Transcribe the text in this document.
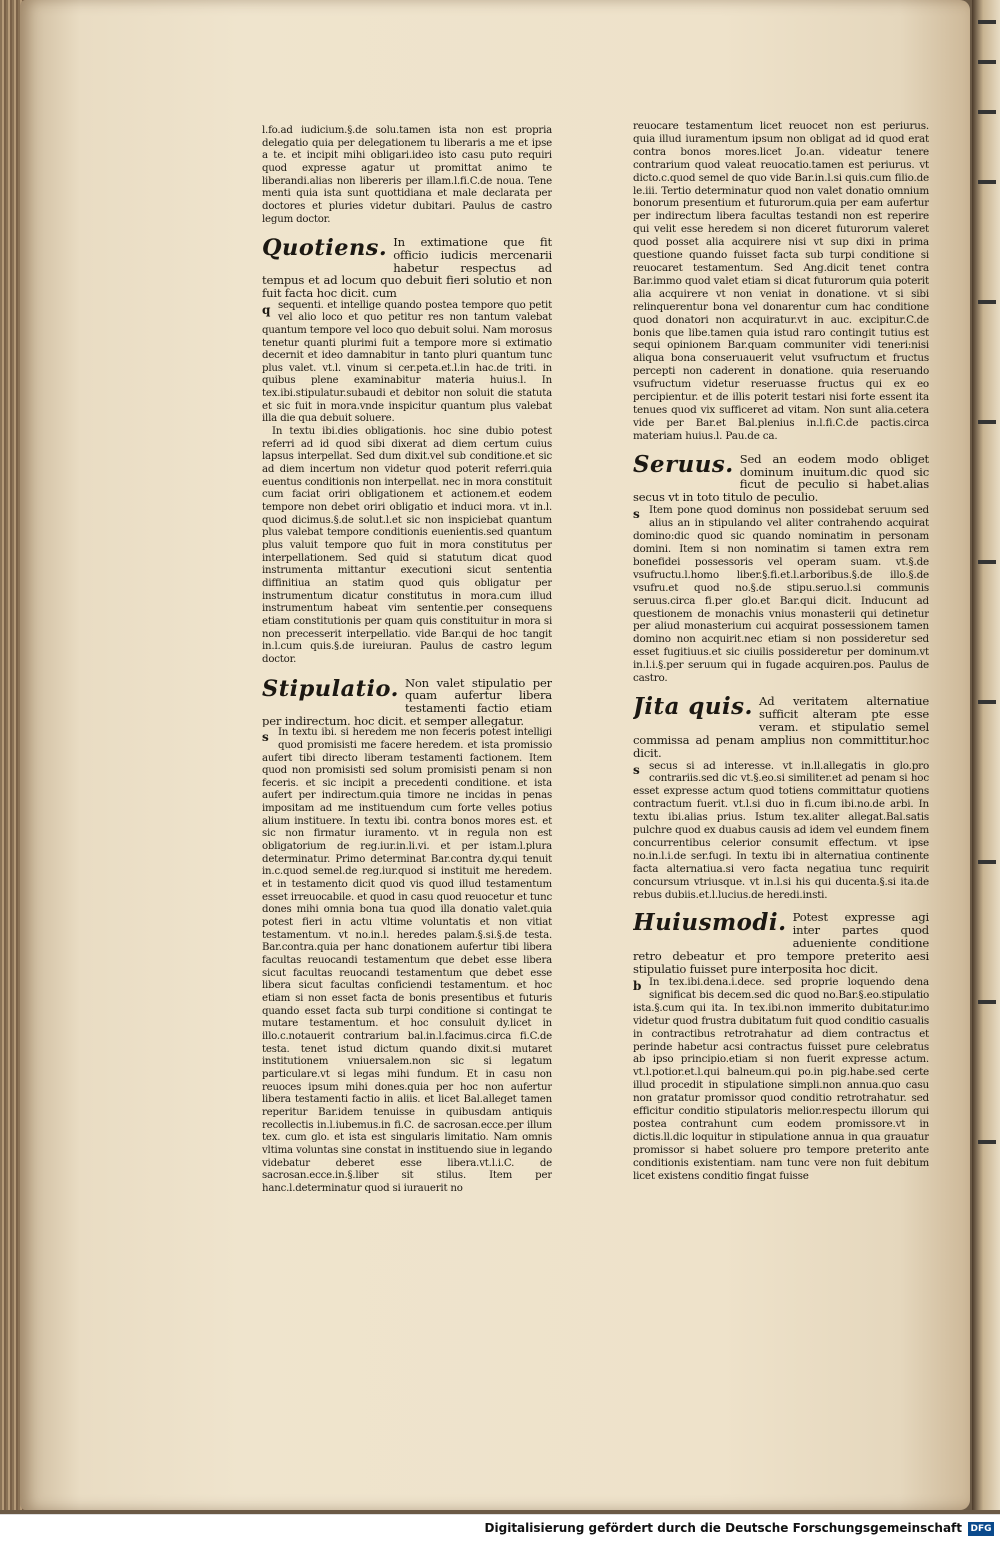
l.fo.ad iudicium.§.de solu.tamen ista non est propria delegatio quia per delegationem tu liberaris a me et ipse a te. et incipit mihi obligari.ideo isto casu puto requiri quod expresse agatur ut promittat animo te liberandi.alias non libereris per illam.l.fi.C.de noua. Tene menti quia ista sunt quottidiana et male declarata per doctores et pluries videtur dubitari. Paulus de castro legum doctor.

Quotiens. In extimatione que fit officio iudicis mercenarii habetur respectus ad tempus et ad locum quo debuit fieri solutio et non fuit facta hoc dicit. cum
q sequenti. et intellige quando postea tempore quo petit vel alio loco et quo petitur res non tantum valebat quantum tempore vel loco quo debuit solui. Nam morosus tenetur quanti plurimi fuit a tempore more si extimatio decernit et ideo damnabitur in tanto pluri quantum tunc plus valet. vt.l. vinum si cer.peta.et.l.in hac.de triti. in quibus plene examinabitur materia huius.l. In tex.ibi.stipulatur.subaudi et debitor non soluit die statuta et sic fuit in mora.vnde inspicitur quantum plus valebat illa die qua debuit soluere.

In textu ibi.dies obligationis. hoc sine dubio potest referri ad id quod sibi dixerat ad diem certum cuius lapsus interpellat. Sed dum dixit.vel sub conditione.et sic ad diem incertum non videtur quod poterit referri.quia euentus conditionis non interpellat. nec in mora constituit cum faciat oriri obligationem et actionem.et eodem tempore non debet oriri obligatio et induci mora. vt in.l. quod dicimus.§.de solut.l.et sic non inspiciebat quantum plus valebat tempore conditionis euenientis.sed quantum plus valuit tempore quo fuit in mora constitutus per interpellationem. Sed quid si statutum dicat quod instrumenta mittantur executioni sicut sententia diffinitiua an statim quod quis obligatur per instrumentum dicatur constitutus in mora.cum illud instrumentum habeat vim sententie.per consequens etiam constitutionis per quam quis constituitur in mora si non precesserit interpellatio. vide Bar.qui de hoc tangit in.l.cum quis.§.de iureiuran. Paulus de castro legum doctor.

Stipulatio. Non valet stipulatio per quam aufertur libera testamenti factio etiam per indirectum. hoc dicit. et semper allegatur.
s In textu ibi. si heredem me non feceris potest intelligi quod promisisti me facere heredem. et ista promissio aufert tibi directo liberam testamenti factionem. Item quod non promisisti sed solum promisisti penam si non feceris. et sic incipit a precedenti conditione. et ista aufert per indirectum.quia timore ne incidas in penas impositam ad me instituendum cum forte velles potius alium instituere. In textu ibi. contra bonos mores est. et sic non firmatur iuramento. vt in regula non est obligatorium de reg.iur.in.li.vi. et per istam.l.plura determinatur. Primo determinat Bar.contra dy.qui tenuit in.c.quod semel.de reg.iur.quod si instituit me heredem. et in testamento dicit quod vis quod illud testamentum esset irreuocabile. et quod in casu quod reuocetur et tunc dones mihi omnia bona tua quod illa donatio valet.quia potest fieri in actu vltime voluntatis et non vitiat testamentum. vt no.in.l. heredes palam.§.si.§.de testa. Bar.contra.quia per hanc donationem aufertur tibi libera facultas reuocandi testamentum que debet esse libera sicut facultas reuocandi testamentum que debet esse libera sicut facultas conficiendi testamentum. et hoc etiam si non esset facta de bonis presentibus et futuris quando esset facta sub turpi conditione si contingat te mutare testamentum. et hoc consuluit dy.licet in illo.c.notauerit contrarium bal.in.l.facimus.circa fi.C.de testa. tenet istud dictum quando dixit.si mutaret institutionem vniuersalem.non sic si legatum particulare.vt si legas mihi fundum. Et in casu non reuoces ipsum mihi dones.quia per hoc non aufertur libera testamenti factio in aliis. et licet Bal.alleget tamen reperitur Bar.idem tenuisse in quibusdam antiquis recollectis in.l.iubemus.in fi.C. de sacrosan.ecce.per illum tex. cum glo. et ista est singularis limitatio. Nam omnis vltima voluntas sine constat in instituendo siue in legando videbatur deberet esse libera.vt.l.i.C. de sacrosan.ecce.in.§.liber sit stilus. Item per hanc.l.determinatur quod si iurauerit no

reuocare testamentum licet reuocet non est periurus. quia illud iuramentum ipsum non obligat ad id quod erat contra bonos mores.licet Jo.an. videatur tenere contrarium quod valeat reuocatio.tamen est periurus. vt dicto.c.quod semel de quo vide Bar.in.l.si quis.cum filio.de le.iii. Tertio determinatur quod non valet donatio omnium bonorum presentium et futurorum.quia per eam aufertur per indirectum libera facultas testandi non est reperire qui velit esse heredem si non diceret futurorum valeret quod posset alia acquirere nisi vt sup dixi in prima questione quando fuisset facta sub turpi conditione si reuocaret testamentum. Sed Ang.dicit tenet contra Bar.immo quod valet etiam si dicat futurorum quia poterit alia acquirere vt non veniat in donatione. vt si sibi relinquerentur bona vel donarentur cum hac conditione quod donatori non acquiratur.vt in auc. excipitur.C.de bonis que libe.tamen quia istud raro contingit tutius est sequi opinionem Bar.quam communiter vidi teneri:nisi aliqua bona conseruauerit velut vsufructum et fructus percepti non caderent in donatione. quia reseruando vsufructum videtur reseruasse fructus qui ex eo percipientur. et de illis poterit testari nisi forte essent ita tenues quod vix sufficeret ad vitam. Non sunt alia.cetera vide per Bar.et Bal.plenius in.l.fi.C.de pactis.circa materiam huius.l. Pau.de ca.

Seruus. Sed an eodem modo obliget dominum inuitum.dic quod sic ficut de peculio si habet.alias secus vt in toto titulo de peculio.
s Item pone quod dominus non possidebat seruum sed alius an in stipulando vel aliter contrahendo acquirat domino:dic quod sic quando nominatim in personam domini. Item si non nominatim si tamen extra rem bonefidei possessoris vel operam suam. vt.§.de vsufructu.l.homo liber.§.fi.et.l.arboribus.§.de illo.§.de vsufru.et quod no.§.de stipu.seruo.l.si communis seruus.circa fi.per glo.et Bar.qui dicit. Inducunt ad questionem de monachis vnius monasterii qui detinetur per aliud monasterium cui acquirat possessionem tamen domino non acquirit.nec etiam si non possideretur sed esset fugitiuus.et sic ciuilis possideretur per dominum.vt in.l.i.§.per seruum qui in fugade acquiren.pos. Paulus de castro.

Jita quis. Ad veritatem alternatiue sufficit alteram pte esse veram. et stipulatio semel commissa ad penam amplius non committitur.hoc dicit.
s secus si ad interesse. vt in.ll.allegatis in glo.pro contrariis.sed dic vt.§.eo.si similiter.et ad penam si hoc esset expresse actum quod totiens committatur quotiens contractum fuerit. vt.l.si duo in fi.cum ibi.no.de arbi. In textu ibi.alias prius. Istum tex.aliter allegat.Bal.satis pulchre quod ex duabus causis ad idem vel eundem finem concurrentibus celerior consumit effectum. vt ipse no.in.l.i.de ser.fugi. In textu ibi in alternatiua continente facta alternatiua.si vero facta negatiua tunc requirit concursum vtriusque. vt in.l.si his qui ducenta.§.si ita.de rebus dubiis.et.l.lucius.de heredi.insti.

Huiusmodi. Potest expresse agi inter partes quod adueniente conditione retro debeatur et pro tempore preterito aesi stipulatio fuisset pure interposita hoc dicit.
b In tex.ibi.dena.i.dece. sed proprie loquendo dena significat bis decem.sed dic quod no.Bar.§.eo.stipulatio ista.§.cum qui ita. In tex.ibi.non immerito dubitatur.imo videtur quod frustra dubitatum fuit quod conditio casualis in contractibus retrotrahatur ad diem contractus et perinde habetur acsi contractus fuisset pure celebratus ab ipso principio.etiam si non fuerit expresse actum. vt.l.potior.et.l.qui balneum.qui po.in pig.habe.sed certe illud procedit in stipulatione simpli.non annua.quo casu non gratatur promissor quod conditio retrotrahatur. sed efficitur conditio stipulatoris melior.respectu illorum qui postea contrahunt cum eodem promissore.vt in dictis.ll.dic loquitur in stipulatione annua in qua grauatur promissor si habet soluere pro tempore preterito ante conditionis existentiam. nam tunc vere non fuit debitum licet existens conditio fingat fuisse

Digitalisierung gefördert durch die Deutsche Forschungsgemeinschaft DFG
